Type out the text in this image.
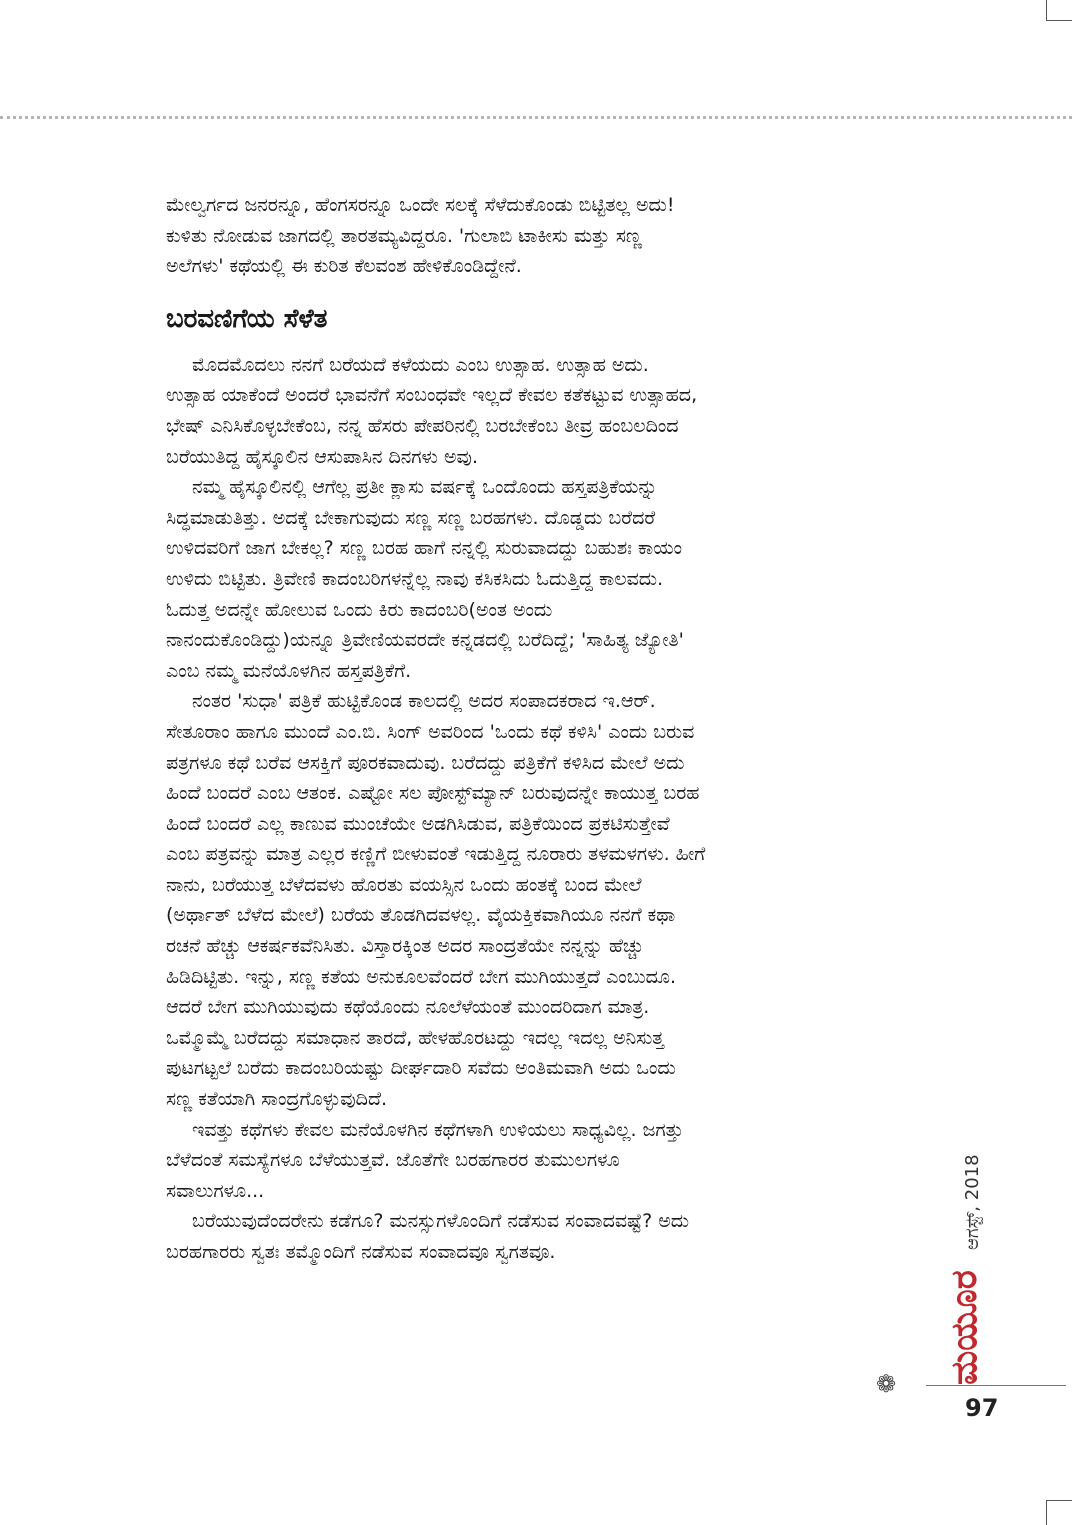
ಮೇಲ್ವರ್ಗದ ಜನರನ್ನೂ, ಹೆಂಗಸರನ್ನೂ ಒಂದೇ ಸಲಕ್ಕೆ ಸೆಳೆದುಕೊಂಡು ಬಿಟ್ಟಿತಲ್ಲ ಅದು!
ಕುಳಿತು ನೋಡುವ ಜಾಗದಲ್ಲಿ ತಾರತಮ್ಯವಿದ್ದರೂ. 'ಗುಲಾಬಿ ಟಾಕೀಸು ಮತ್ತು ಸಣ್ಣ
ಅಲೆಗಳು' ಕಥೆಯಲ್ಲಿ ಈ ಕುರಿತ ಕೆಲವಂಶ ಹೇಳಿಕೊಂಡಿದ್ದೇನೆ.
ಬರವಣಿಗೆಯ ಸೆಳೆತ
ಮೊದಮೊದಲು ನನಗೆ ಬರೆಯದೆ ಕಳೆಯದು ಎಂಬ ಉತ್ಸಾಹ. ಉತ್ಸಾಹ ಅದು.
ಉತ್ಸಾಹ ಯಾಕೆಂದೆ ಅಂದರೆ ಭಾವನೆಗೆ ಸಂಬಂಧವೇ ಇಲ್ಲದೆ ಕೇವಲ ಕತೆಕಟ್ಟುವ ಉತ್ಸಾಹದ,
ಭೇಷ್ ಎನಿಸಿಕೊಳ್ಳಬೇಕೆಂಬ, ನನ್ನ ಹೆಸರು ಪೇಪರಿನಲ್ಲಿ ಬರಬೇಕೆಂಬ ತೀವ್ರ ಹಂಬಲದಿಂದ
ಬರೆಯುತಿದ್ದ ಹೈಸ್ಕೂಲಿನ ಆಸುಪಾಸಿನ ದಿನಗಳು ಅವು.
ನಮ್ಮ ಹೈಸ್ಕೂಲಿನಲ್ಲಿ ಆಗೆಲ್ಲ ಪ್ರತೀ ಕ್ಲಾಸು ವರ್ಷಕ್ಕೆ ಒಂದೊಂದು ಹಸ್ತಪತ್ರಿಕೆಯನ್ನು
ಸಿದ್ಧಮಾಡುತಿತ್ತು. ಅದಕ್ಕೆ ಬೇಕಾಗುವುದು ಸಣ್ಣ ಸಣ್ಣ ಬರಹಗಳು. ದೊಡ್ಡದು ಬರೆದರೆ
ಉಳಿದವರಿಗೆ ಜಾಗ ಬೇಕಲ್ಲ? ಸಣ್ಣ ಬರಹ ಹಾಗೆ ನನ್ನಲ್ಲಿ ಸುರುವಾದದ್ದು ಬಹುಶಃ ಕಾಯಂ
ಉಳಿದು ಬಿಟ್ಟಿತು. ತ್ರಿವೇಣಿ ಕಾದಂಬರಿಗಳನ್ನೆಲ್ಲ ನಾವು ಕಸಿಕಸಿದು ಓದುತ್ತಿದ್ದ ಕಾಲವದು.
ಓದುತ್ತ ಅದನ್ನೇ ಹೋಲುವ ಒಂದು ಕಿರು ಕಾದಂಬರಿ(ಅಂತ ಅಂದು
ನಾನಂದುಕೊಂಡಿದ್ದು)ಯನ್ನೂ ತ್ರಿವೇಣಿಯವರದೇ ಕನ್ನಡದಲ್ಲಿ ಬರೆದಿದ್ದೆ; 'ಸಾಹಿತ್ಯ ಜ್ಯೋತಿ'
ಎಂಬ ನಮ್ಮ ಮನೆಯೊಳಗಿನ ಹಸ್ತಪತ್ರಿಕೆಗೆ.
ನಂತರ 'ಸುಧಾ' ಪತ್ರಿಕೆ ಹುಟ್ಟಿಕೊಂಡ ಕಾಲದಲ್ಲಿ ಅದರ ಸಂಪಾದಕರಾದ ಇ.ಆರ್.
ಸೇತೂರಾಂ ಹಾಗೂ ಮುಂದೆ ಎಂ.ಬಿ. ಸಿಂಗ್ ಅವರಿಂದ 'ಒಂದು ಕಥೆ ಕಳಿಸಿ' ಎಂದು ಬರುವ
ಪತ್ರಗಳೂ ಕಥೆ ಬರೆವ ಆಸಕ್ತಿಗೆ ಪೂರಕವಾದುವು. ಬರೆದದ್ದು ಪತ್ರಿಕೆಗೆ ಕಳಿಸಿದ ಮೇಲೆ ಅದು
ಹಿಂದೆ ಬಂದರೆ ಎಂಬ ಆತಂಕ. ಎಷ್ಟೋ ಸಲ ಪೋಸ್ಟ್‌ಮ್ಯಾನ್ ಬರುವುದನ್ನೇ ಕಾಯುತ್ತ ಬರಹ
ಹಿಂದೆ ಬಂದರೆ ಎಲ್ಲ ಕಾಣುವ ಮುಂಚೆಯೇ ಅಡಗಿಸಿಡುವ, ಪತ್ರಿಕೆಯಿಂದ ಪ್ರಕಟಿಸುತ್ತೇವೆ
ಎಂಬ ಪತ್ರವನ್ನು ಮಾತ್ರ ಎಲ್ಲರ ಕಣ್ಣಿಗೆ ಬೀಳುವಂತೆ ಇಡುತ್ತಿದ್ದ ನೂರಾರು ತಳಮಳಗಳು. ಹೀಗೆ
ನಾನು, ಬರೆಯುತ್ತ ಬೆಳೆದವಳು ಹೊರತು ವಯಸ್ಸಿನ ಒಂದು ಹಂತಕ್ಕೆ ಬಂದ ಮೇಲೆ
(ಅರ್ಥಾತ್ ಬೆಳೆದ ಮೇಲೆ) ಬರೆಯ ತೊಡಗಿದವಳಲ್ಲ. ವೈಯಕ್ತಿಕವಾಗಿಯೂ ನನಗೆ ಕಥಾ
ರಚನೆ ಹೆಚ್ಚು ಆಕರ್ಷಕವೆನಿಸಿತು. ವಿಸ್ತಾರಕ್ಕಿಂತ ಅದರ ಸಾಂದ್ರತೆಯೇ ನನ್ನನ್ನು ಹೆಚ್ಚು
ಹಿಡಿದಿಟ್ಟಿತು. ಇನ್ನು, ಸಣ್ಣ ಕತೆಯ ಅನುಕೂಲವೆಂದರೆ ಬೇಗ ಮುಗಿಯುತ್ತದೆ ಎಂಬುದೂ.
ಆದರೆ ಬೇಗ ಮುಗಿಯುವುದು ಕಥೆಯೊಂದು ನೂಲೆಳೆಯಂತೆ ಮುಂದರಿದಾಗ ಮಾತ್ರ.
ಒಮ್ಮೊಮ್ಮೆ ಬರೆದದ್ದು ಸಮಾಧಾನ ತಾರದೆ, ಹೇಳಹೊರಟದ್ದು ಇದಲ್ಲ ಇದಲ್ಲ ಅನಿಸುತ್ತ
ಪುಟಗಟ್ಟಲೆ ಬರೆದು ಕಾದಂಬರಿಯಷ್ಟು ದೀರ್ಘದಾರಿ ಸವೆದು ಅಂತಿಮವಾಗಿ ಅದು ಒಂದು
ಸಣ್ಣ ಕತೆಯಾಗಿ ಸಾಂದ್ರಗೊಳ್ಳುವುದಿದೆ.
ಇವತ್ತು ಕಥೆಗಳು ಕೇವಲ ಮನೆಯೊಳಗಿನ ಕಥೆಗಳಾಗಿ ಉಳಿಯಲು ಸಾಧ್ಯವಿಲ್ಲ. ಜಗತ್ತು
ಬೆಳೆದಂತೆ ಸಮಸ್ಯೆಗಳೂ ಬೆಳೆಯುತ್ತವೆ. ಜೊತೆಗೇ ಬರಹಗಾರರ ತುಮುಲಗಳೂ
ಸವಾಲುಗಳೂ...
ಬರೆಯುವುದೆಂದರೇನು ಕಡೆಗೂ? ಮನಸ್ಸುಗಳೊಂದಿಗೆ ನಡೆಸುವ ಸಂವಾದವಷ್ಟೆ? ಅದು
ಬರಹಗಾರರು ಸ್ವತಃ ತಮ್ಮೊಂದಿಗೆ ನಡೆಸುವ ಸಂವಾದವೂ ಸ್ವಗತವೂ.
ಆಗಸ್ಟ್, 2018
ಮಯೂರ
❁
97
